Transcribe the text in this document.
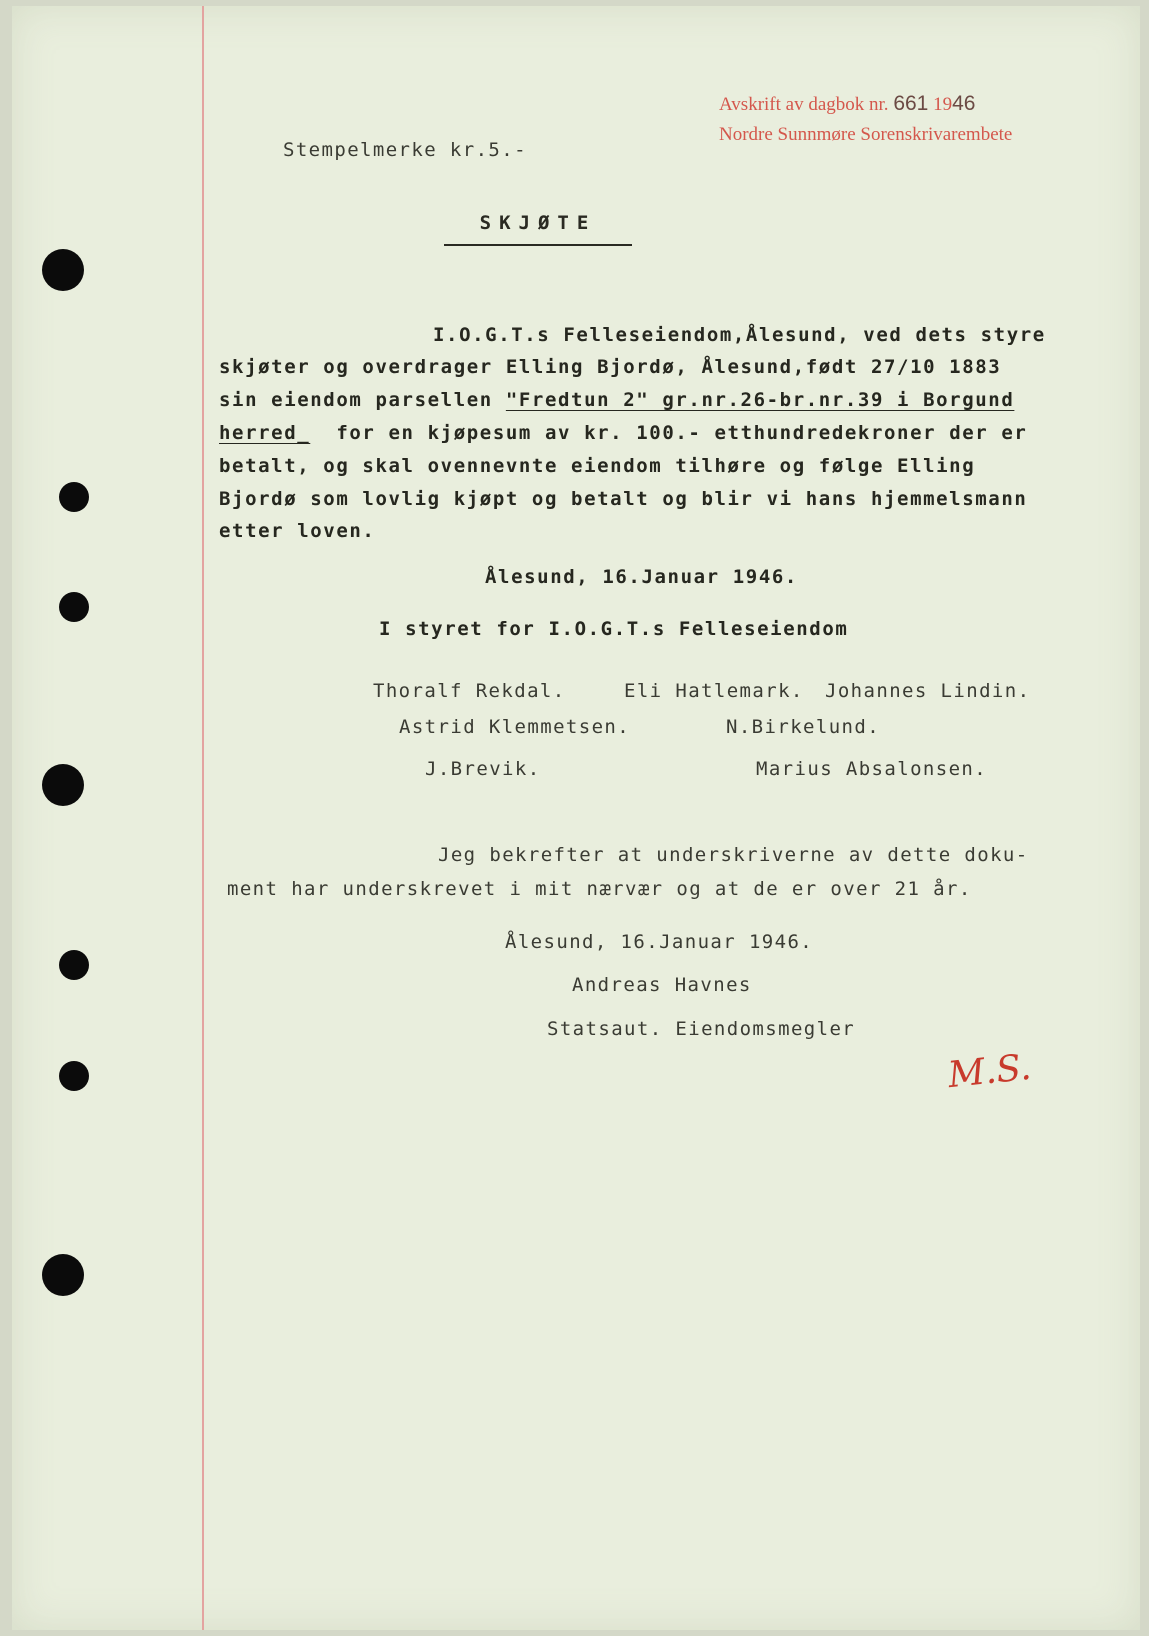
Avskrift av dagbok nr. 661 1946
Nordre Sunnmøre Sorenskrivarembete
Stempelmerke kr.5.-
SKJØTE
I.O.G.T.s Felleseiendom,Ålesund, ved dets styre
skjøter og overdrager Elling Bjordø, Ålesund,født 27/10 1883
sin eiendom parsellen "Fredtun 2" gr.nr.26-br.nr.39 i Borgund
herred_  for en kjøpesum av kr. 100.- etthundredekroner der er
betalt, og skal ovennevnte eiendom tilhøre og følge Elling
Bjordø som lovlig kjøpt og betalt og blir vi hans hjemmelsmann
etter loven.
Ålesund, 16.Januar 1946.
I styret for I.O.G.T.s Felleseiendom
Thoralf Rekdal.	Eli Hatlemark. Johannes Lindin.
Astrid Klemmetsen.	N.Birkelund.
J.Brevik.	Marius Absalonsen.
Jeg bekrefter at underskriverne av dette doku-
ment har underskrevet i mit nærvær og at de er over 21 år.
Ålesund, 16.Januar 1946.
Andreas Havnes
Statsaut. Eiendomsmegler
M.S.
